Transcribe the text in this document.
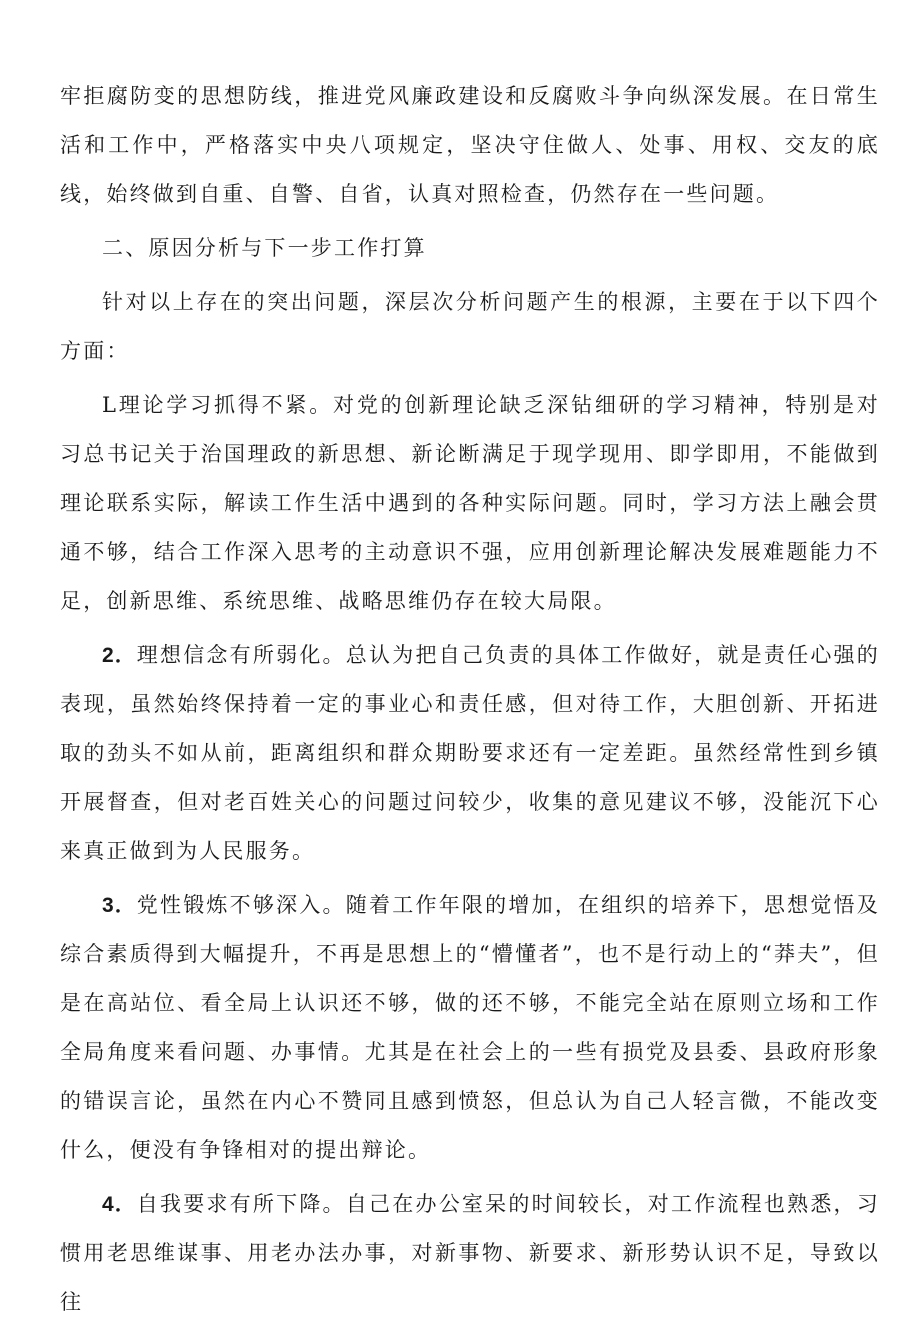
牢拒腐防变的思想防线，推进党风廉政建设和反腐败斗争向纵深发展。在日常生活和工作中，严格落实中央八项规定，坚决守住做人、处事、用权、交友的底线，始终做到自重、自警、自省，认真对照检查，仍然存在一些问题。

二、原因分析与下一步工作打算

针对以上存在的突出问题，深层次分析问题产生的根源，主要在于以下四个方面：

L理论学习抓得不紧。对党的创新理论缺乏深钻细研的学习精神，特别是对习总书记关于治国理政的新思想、新论断满足于现学现用、即学即用，不能做到理论联系实际，解读工作生活中遇到的各种实际问题。同时，学习方法上融会贯通不够，结合工作深入思考的主动意识不强，应用创新理论解决发展难题能力不足，创新思维、系统思维、战略思维仍存在较大局限。

2．理想信念有所弱化。总认为把自己负责的具体工作做好，就是责任心强的表现，虽然始终保持着一定的事业心和责任感，但对待工作，大胆创新、开拓进取的劲头不如从前，距离组织和群众期盼要求还有一定差距。虽然经常性到乡镇开展督查，但对老百姓关心的问题过问较少，收集的意见建议不够，没能沉下心来真正做到为人民服务。

3．党性锻炼不够深入。随着工作年限的增加，在组织的培养下，思想觉悟及综合素质得到大幅提升，不再是思想上的“懵懂者”，也不是行动上的“莽夫”，但是在高站位、看全局上认识还不够，做的还不够，不能完全站在原则立场和工作全局角度来看问题、办事情。尤其是在社会上的一些有损党及县委、县政府形象的错误言论，虽然在内心不赞同且感到愤怒，但总认为自己人轻言微，不能改变什么，便没有争锋相对的提出辩论。

4．自我要求有所下降。自己在办公室呆的时间较长，对工作流程也熟悉，习惯用老思维谋事、用老办法办事，对新事物、新要求、新形势认识不足，导致以往
